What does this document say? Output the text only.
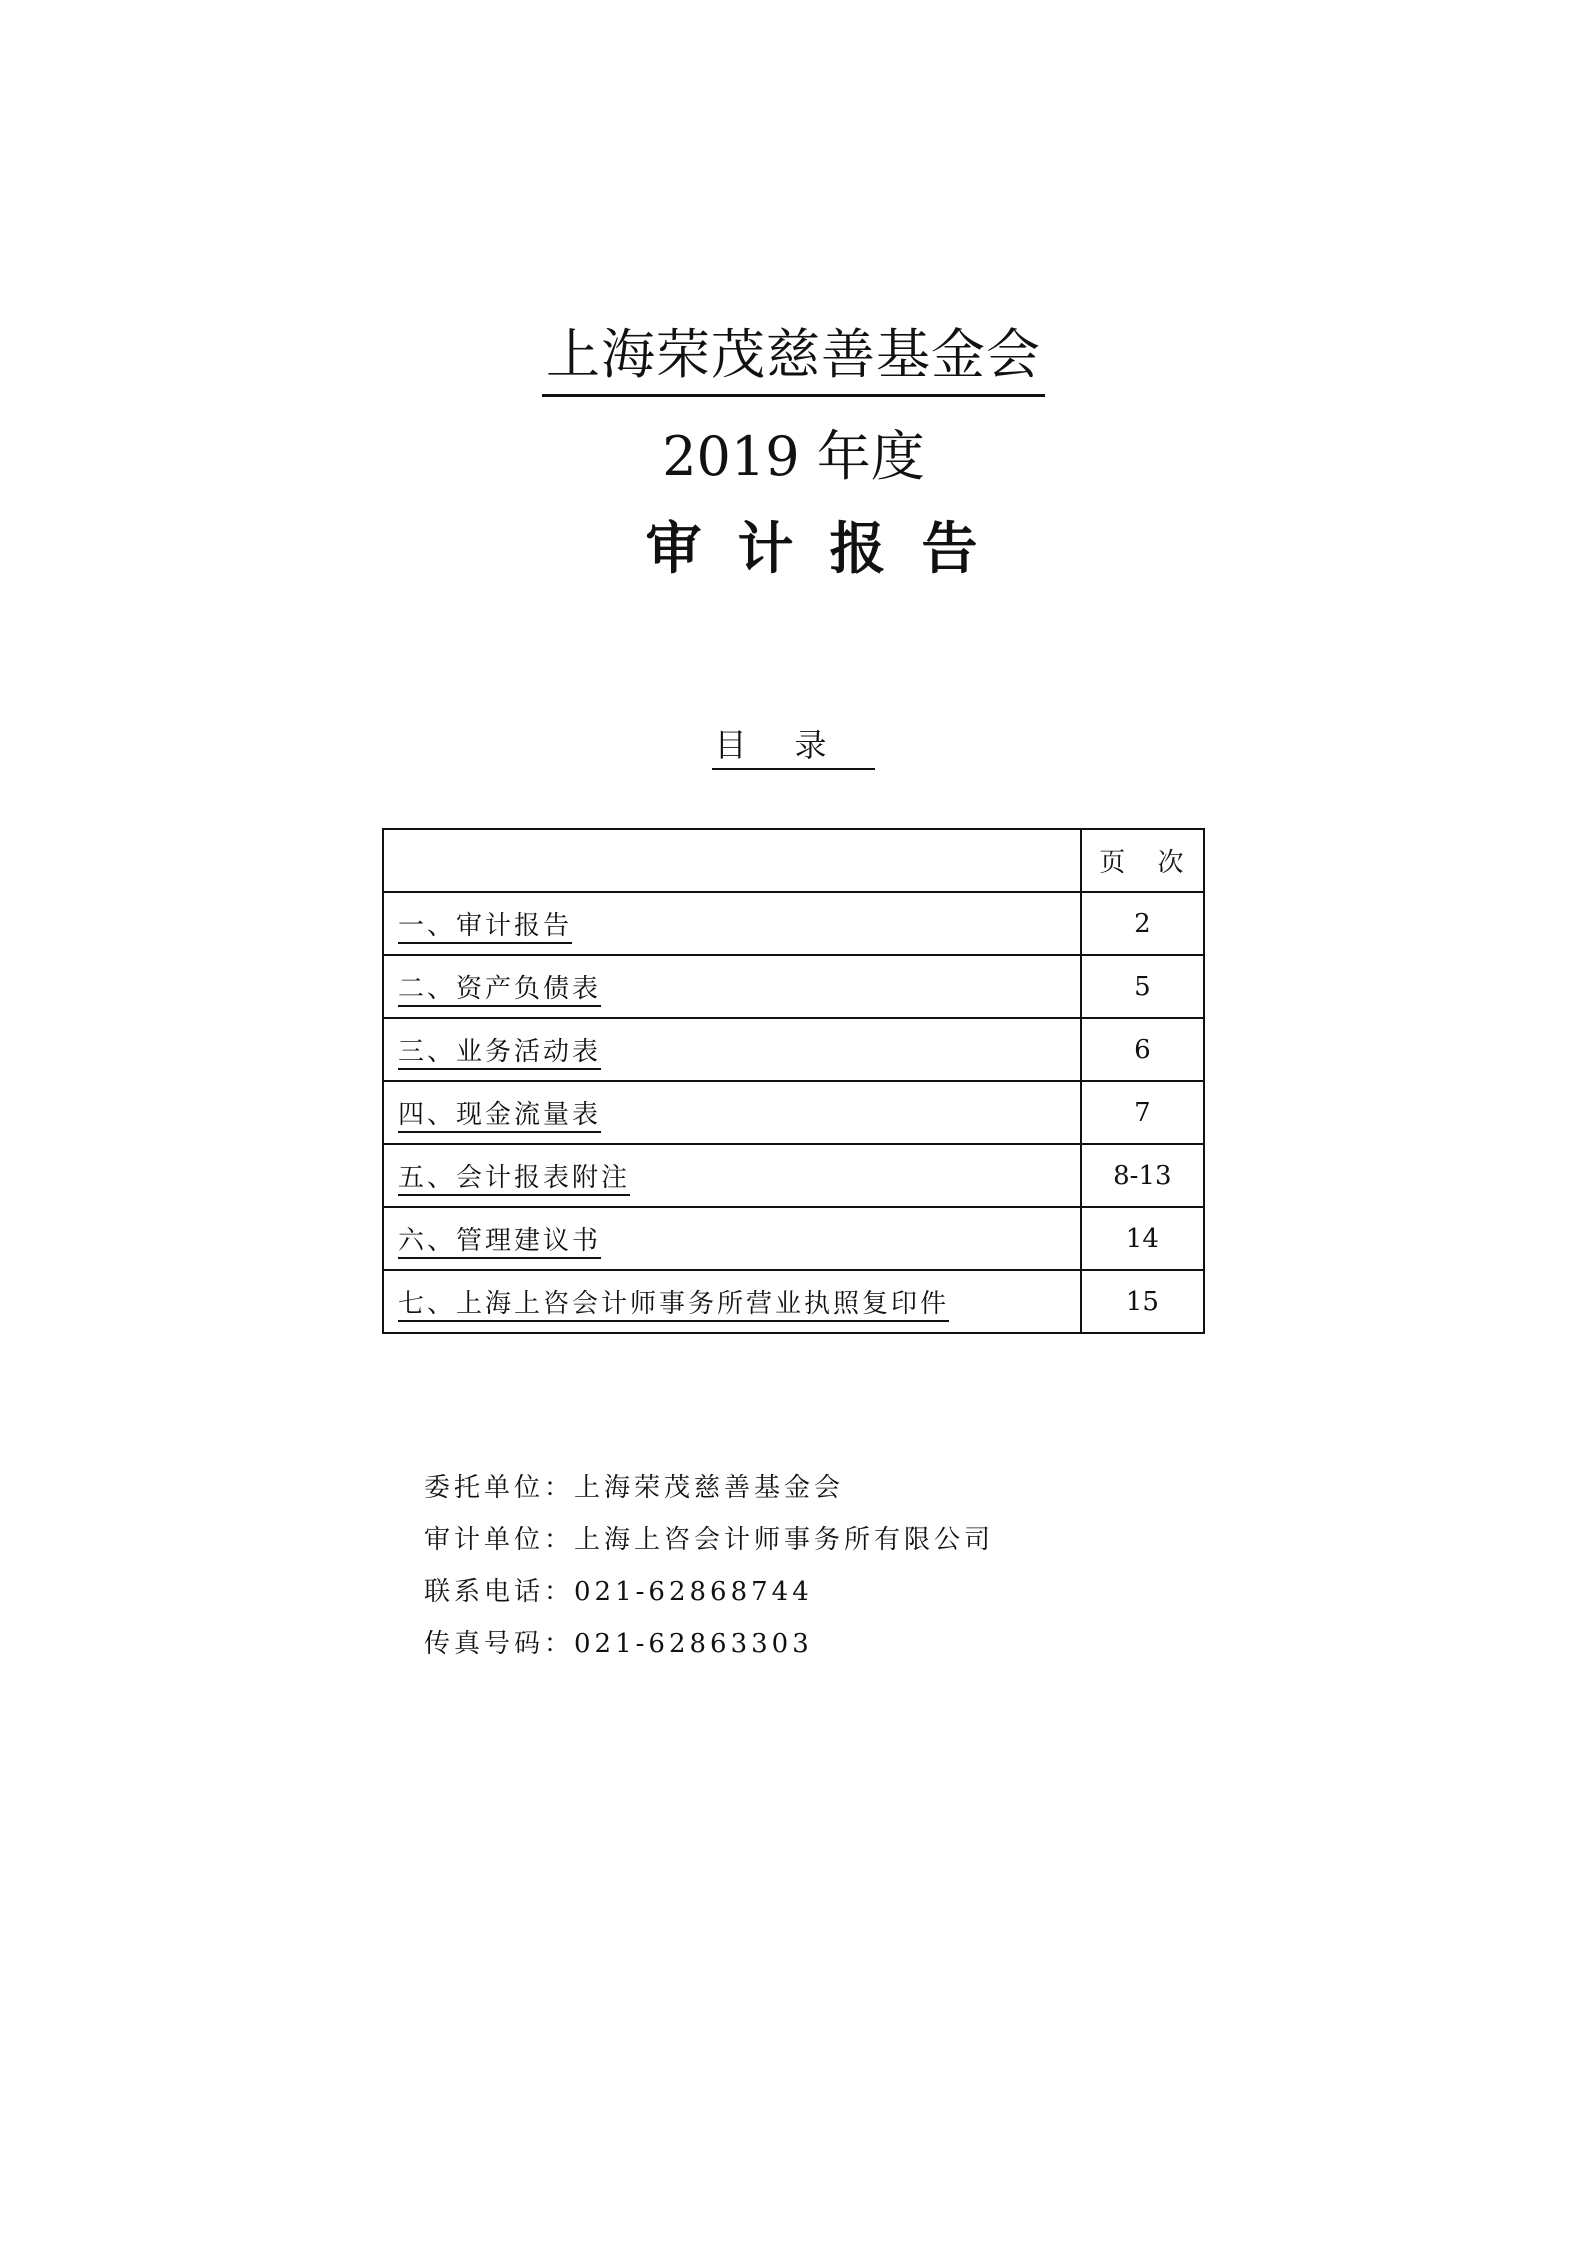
上海荣茂慈善基金会
2019 年度
审计报告
目录
	页 次
一、审计报告	2
二、资产负债表	5
三、业务活动表	6
四、现金流量表	7
五、会计报表附注	8-13
六、管理建议书	14
七、上海上咨会计师事务所营业执照复印件	15
委托单位：上海荣茂慈善基金会
审计单位：上海上咨会计师事务所有限公司
联系电话：021-62868744
传真号码：021-62863303
